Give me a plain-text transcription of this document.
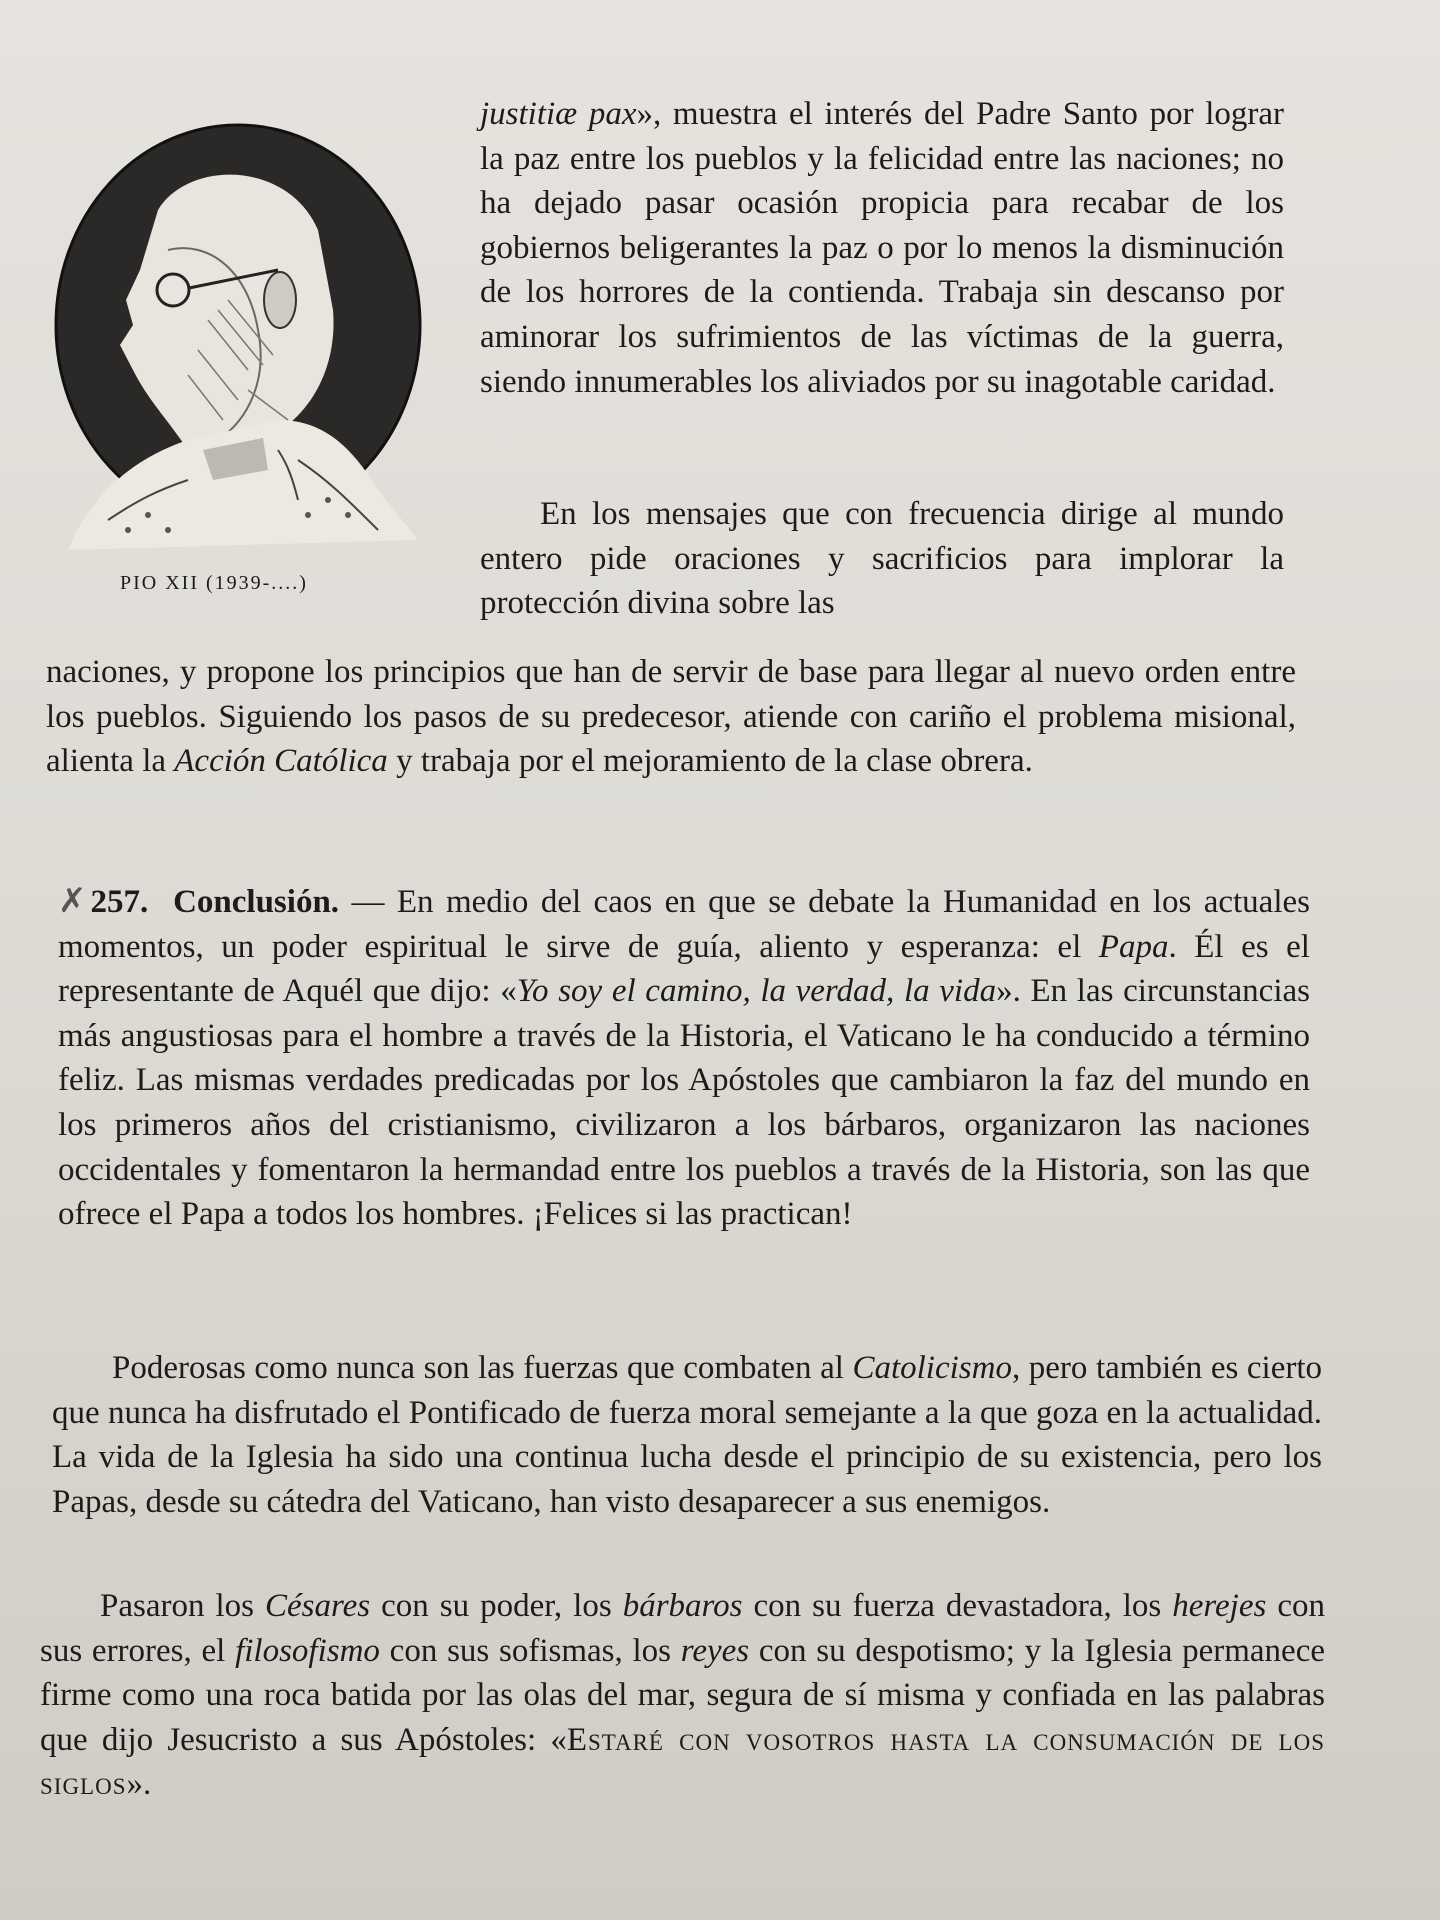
PIO XII (1939-....)

justitiæ pax», muestra el interés del Padre Santo por lograr la paz entre los pueblos y la felicidad entre las naciones; no ha dejado pasar ocasión propicia para recabar de los gobiernos beligerantes la paz o por lo menos la disminución de los horrores de la contienda. Trabaja sin descanso por aminorar los sufrimientos de las víctimas de la guerra, siendo innumerables los aliviados por su inagotable caridad.

En los mensajes que con frecuencia dirige al mundo entero pide oraciones y sacrificios para implorar la protección divina sobre las

naciones, y propone los principios que han de servir de base para llegar al nuevo orden entre los pueblos. Siguiendo los pasos de su predecesor, atiende con cariño el problema misional, alienta la Acción Católica y trabaja por el mejoramiento de la clase obrera.

✗ 257. Conclusión. — En medio del caos en que se debate la Humanidad en los actuales momentos, un poder espiritual le sirve de guía, aliento y esperanza: el Papa. Él es el representante de Aquél que dijo: «Yo soy el camino, la verdad, la vida». En las circunstancias más angustiosas para el hombre a través de la Historia, el Vaticano le ha conducido a término feliz. Las mismas verdades predicadas por los Apóstoles que cambiaron la faz del mundo en los primeros años del cristianismo, civilizaron a los bárbaros, organizaron las naciones occidentales y fomentaron la hermandad entre los pueblos a través de la Historia, son las que ofrece el Papa a todos los hombres. ¡Felices si las practican!

Poderosas como nunca son las fuerzas que combaten al Catolicismo, pero también es cierto que nunca ha disfrutado el Pontificado de fuerza moral semejante a la que goza en la actualidad. La vida de la Iglesia ha sido una continua lucha desde el principio de su existencia, pero los Papas, desde su cátedra del Vaticano, han visto desaparecer a sus enemigos.

Pasaron los Césares con su poder, los bárbaros con su fuerza devastadora, los herejes con sus errores, el filosofismo con sus sofismas, los reyes con su despotismo; y la Iglesia permanece firme como una roca batida por las olas del mar, segura de sí misma y confiada en las palabras que dijo Jesucristo a sus Apóstoles: «Estaré con vosotros hasta la consumación de los siglos».
